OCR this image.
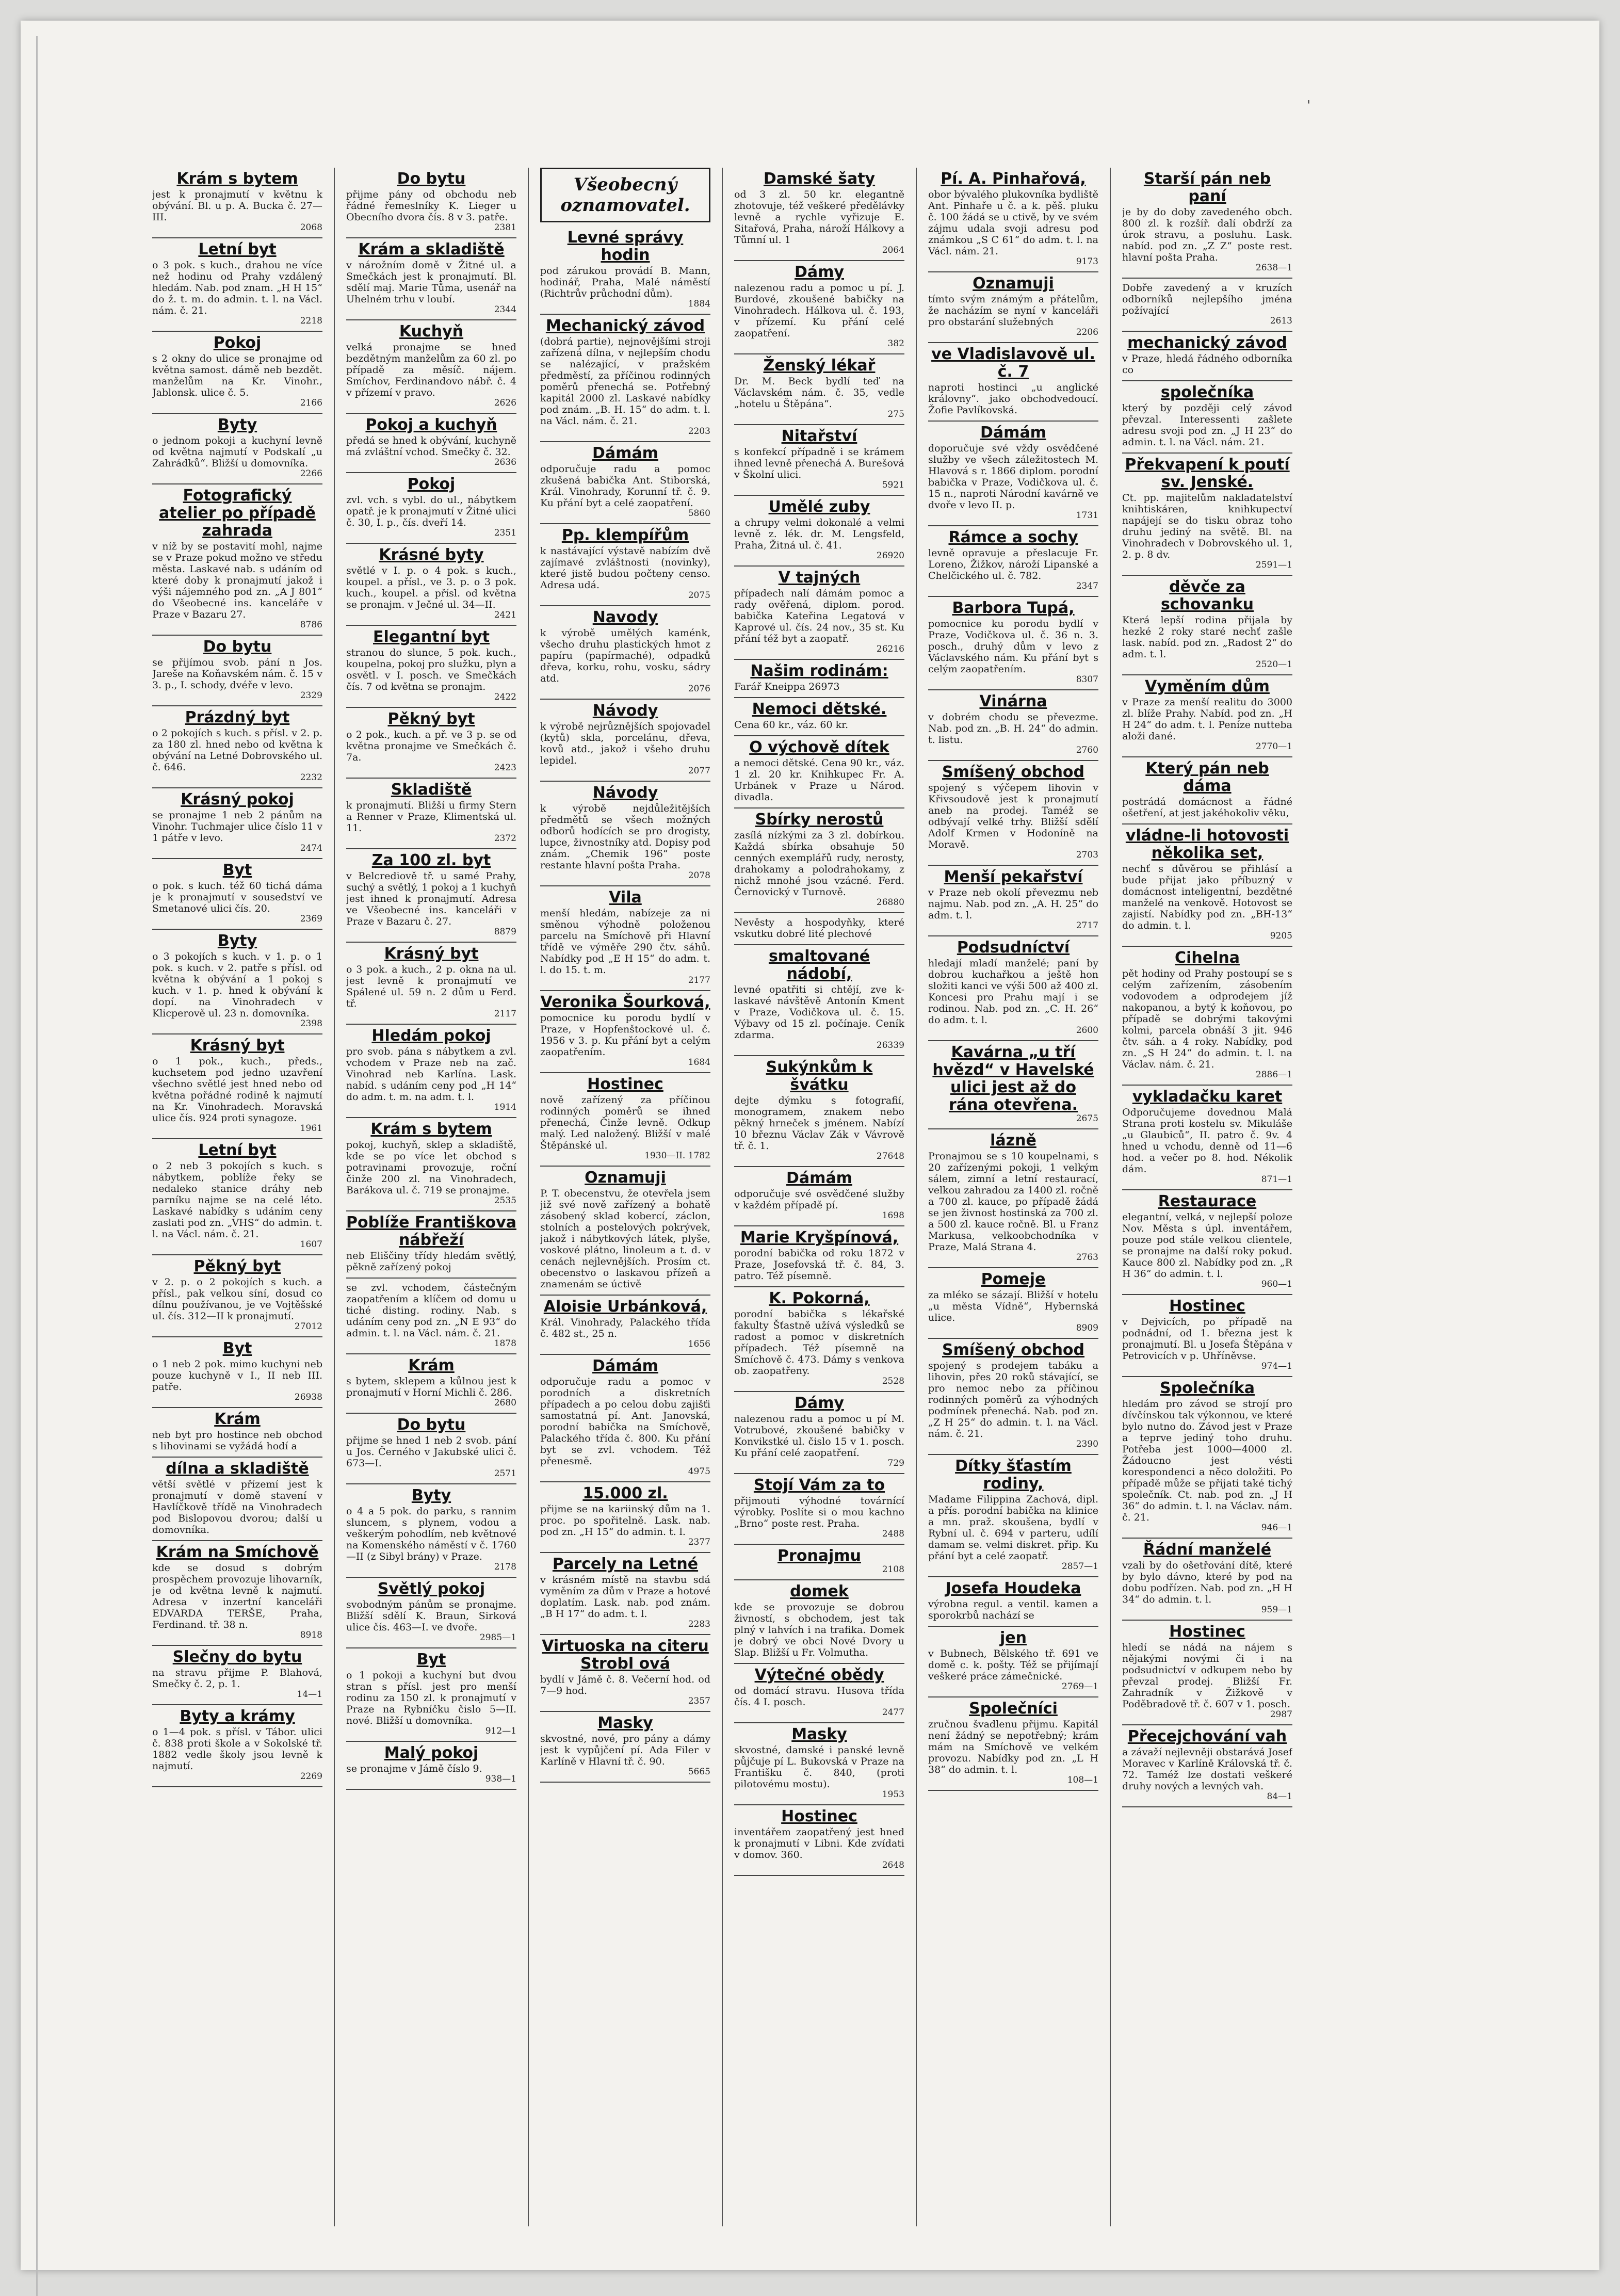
'
Krám s bytem

jest k pronajmutí v květnu k obývání. Bl. u p. A. Bucka č. 27—III.

2068
Letní byt

o 3 pok. s kuch., drahou ne více než hodinu od Prahy vzdálený hledám. Nab. pod znam. „H H 15“ do ž. t. m. do admin. t. l. na Václ. nám. č. 21.

2218
Pokoj

s 2 okny do ulice se pronajme od května samost. dámě neb bezdět. manželům na Kr. Vinohr., Jablonsk. ulice č. 5.

2166
Byty

o jednom pokoji a kuchyní levně od května najmutí v Podskalí „u Zahrádků“. Bližší u domovníka.

2266
Fotografický atelier po případě zahrada

v níž by se postavití mohl, najme se v Praze pokud možno ve středu města. Laskavé nab. s udáním od které doby k pronajmutí jakož i výši nájemného pod zn. „A J 801“ do Všeobecné ins. kanceláře v Praze v Bazaru 27.

8786
Do bytu

se přijímou svob. pání n Jos. Jareše na Koňavském nám. č. 15 v 3. p., I. schody, dvéře v levo.

2329
Prázdný byt

o 2 pokojích s kuch. s přísl. v 2. p. za 180 zl. hned nebo od května k obývání na Letné Dobrovského ul. č. 646.

2232
Krásný pokoj

se pronajme 1 neb 2 pánům na Vinohr. Tuchmajer ulice číslo 11 v 1 pátře v levo.

2474
Byt

o pok. s kuch. též 60 tichá dáma je k pronajmutí v sousedství ve Smetanové ulici čís. 20.

2369
Byty

o 3 pokojích s kuch. v 1. p. o 1 pok. s kuch. v 2. patře s přísl. od května k obývání a 1 pokoj s kuch. v 1. p. hned k obývání k dopí. na Vinohradech v Klicperově ul. 23 n. domovníka.

2398
Krásný byt

o 1 pok., kuch., předs., kuchsetem pod jedno uzavření všechno světlé jest hned nebo od května pořádné rodině k najmutí na Kr. Vinohradech. Moravská ulice čís. 924 proti synagoze.

1961
Letní byt

o 2 neb 3 pokojích s kuch. s nábytkem, poblíže řeky se nedaleko stanice dráhy neb parníku najme se na celé léto. Laskavé nabídky s udáním ceny zaslati pod zn. „VHS“ do admin. t. l. na Václ. nám. č. 21.

1607
Pěkný byt

v 2. p. o 2 pokojích s kuch. a přísl., pak velkou síní, dosud co dílnu používanou, je ve Vojtěšské ul. čís. 312—II k pronajmutí.

27012
Byt

o 1 neb 2 pok. mimo kuchyni neb pouze kuchyně v I., II neb III. patře.

26938
Krám

neb byt pro hostince neb obchod s lihovinami se vyžádá hodí a

dílna a skladiště

větší světlé v přízemí jest k pronajmutí v domě stavení v Havlíčkově třídě na Vinohradech pod Bislopovou dvorou; další u domovníka.

Krám na Smíchově

kde se dosud s dobrým prospěchem provozuje lihovarník, je od května levně k najmutí. Adresa v inzertní kanceláři EDVARDA TERŠE, Praha, Ferdinand. tř. 38 n.

8918
Slečny do bytu

na stravu přijme P. Blahová, Smečky č. 2, p. 1.

14—1
Byty a krámy

o 1—4 pok. s přísl. v Tábor. ulici č. 838 proti škole a v Sokolské tř. 1882 vedle školy jsou levně k najmutí.

2269
Do bytu

přijme pány od obchodu neb řádné řemeslníky K. Lieger u Obecního dvora čís. 8 v 3. patře.

2381
Krám a skladiště

v nárožním domě v Žitné ul. a Smečkách jest k pronajmutí. Bl. sdělí maj. Marie Tůma, usenář na Uhelném trhu v loubí.

2344
Kuchyň

velká pronajme se hned bezdětným manželům za 60 zl. po případě za měsíč. nájem. Smíchov, Ferdinandovo nábř. č. 4 v přízemí v pravo.

2626
Pokoj a kuchyň

předá se hned k obývání, kuchyně má zvláštní vchod. Smečky č. 32.

2636
Pokoj

zvl. vch. s vybl. do ul., nábytkem opatř. je k pronajmutí v Žitné ulici č. 30, I. p., čís. dveří 14.

2351
Krásné byty

světlé v I. p. o 4 pok. s kuch., koupel. a přísl., ve 3. p. o 3 pok. kuch., koupel. a přísl. od května se pronajm. v Ječné ul. 34—II.

2421
Elegantní byt

stranou do slunce, 5 pok. kuch., koupelna, pokoj pro služku, plyn a osvětl. v I. posch. ve Smečkách čís. 7 od května se pronajm.

2422
Pěkný byt

o 2 pok., kuch. a př. ve 3 p. se od května pronajme ve Smečkách č. 7a.

2423
Skladiště

k pronajmutí. Bližší u firmy Stern a Renner v Praze, Klimentská ul. 11.

2372
Za 100 zl. byt

v Belcrediově tř. u samé Prahy, suchý a světlý, 1 pokoj a 1 kuchyň jest ihned k pronajmutí. Adresa ve Všeobecné ins. kanceláři v Praze v Bazaru č. 27.

8879
Krásný byt

o 3 pok. a kuch., 2 p. okna na ul. jest levně k pronajmutí ve Spálené ul. 59 n. 2 dům u Ferd. tř.

2117
Hledám pokoj

pro svob. pána s nábytkem a zvl. vchodem v Praze neb na zač. Vinohrad neb Karlína. Lask. nabíd. s udáním ceny pod „H 14“ do adm. t. m. na adm. t. l.

1914
Krám s bytem

pokoj, kuchyň, sklep a skladiště, kde se po více let obchod s potravinami provozuje, roční činže 200 zl. na Vinohradech, Barákova ul. č. 719 se pronajme.

2535
Poblíže Františkova nábřeží

neb Eliščiny třídy hledám světlý, pěkně zařízený pokoj

se zvl. vchodem, částečným zaopatřením a klíčem od domu u tiché disting. rodiny. Nab. s udáním ceny pod zn. „N E 93“ do admin. t. l. na Václ. nám. č. 21.

1878
Krám

s bytem, sklepem a kůlnou jest k pronajmutí v Horní Michli č. 286.

2680
Do bytu

přijme se hned 1 neb 2 svob. pání u Jos. Černého v Jakubské ulici č. 673—I.

2571
Byty

o 4 a 5 pok. do parku, s rannim sluncem, s plynem, vodou a veškerým pohodlím, neb květnové na Komenského náměstí v č. 1760—II (z Sibyl brány) v Praze.

2178
Světlý pokoj

svobodným pánům se pronajme. Bližší sdělí K. Braun, Sirková ulice čís. 463—I. ve dvoře.

2985—1
Byt

o 1 pokoji a kuchyní but dvou stran s přísl. jest pro menší rodinu za 150 zl. k pronajmutí v Praze na Rybníčku čislo 5—II. nové. Bližší u domovníka.

912—1
Malý pokoj

se pronajme v Jámě číslo 9.

938—1
Všeobecný oznamovatel.
Levné správy hodin

pod zárukou provádí B. Mann, hodinář, Praha, Malé náměstí (Richtrův průchodní dům).

1884
Mechanický závod

(dobrá partie), nejnovějšími stroji zařízená dílna, v nejlepším chodu se nalézající, v pražském předměstí, za příčinou rodinných poměrů přenechá se. Potřebný kapitál 2000 zl. Laskavé nabídky pod znám. „B. H. 15“ do adm. t. l. na Václ. nám. č. 21.

2203
Dámám

odporučuje radu a pomoc zkušená babička Ant. Stiborská, Král. Vinohrady, Korunní tř. č. 9. Ku přání byt a celé zaopatření.

5860
Pp. klempířům

k nastávající výstavě nabízím dvě zajímavé zvláštnosti (novinky), které jistě budou počteny censo. Adresa udá.

2075
Navody

k výrobě umělých kaménk, všecho druhu plastických hmot z papíru (papírmaché), odpadků dřeva, korku, rohu, vosku, sádry atd.

2076
Návody

k výrobě nejrůznějších spojovadel (kytů) skla, porcelánu, dřeva, kovů atd., jakož i všeho druhu lepidel.

2077
Návody

k výrobě nejdůležitějších předmětů se všech možných odborů hodících se pro drogisty, lupce, živnostníky atd. Dopisy pod znám. „Chemik 196“ poste restante hlavní pošta Praha.

2078
Vila

menší hledám, nabízeje za ni směnou výhodně položenou parcelu na Smíchově při Hlavní třídě ve výměře 290 čtv. sáhů. Nabídky pod „E H 15“ do adm. t. l. do 15. t. m.

2177
Veronika Šourková,

pomocnice ku porodu bydlí v Praze, v Hopfenštockové ul. č. 1956 v 3. p. Ku přání byt a celým zaopatřením.

1684
Hostinec

nově zařízený za příčinou rodinných poměrů se ihned přenechá, Činže levně. Odkup malý. Led naložený. Bližší v malé Štěpánské ul.

1930—II. 1782
Oznamuji

P. T. obecenstvu, že otevřela jsem již své nově zařízený a bohatě zásobený sklad kobercí, záclon, stolních a postelových pokrývek, jakož i nábytkových látek, plyše, voskové plátno, linoleum a t. d. v cenách nejlevnějších. Prosím ct. obecenstvo o laskavou přízeň a znamenám se úctivě

Aloisie Urbánková,

Král. Vinohrady, Palackého třída č. 482 st., 25 n.

1656
Dámám

odporučuje radu a pomoc v porodních a diskretních případech a po celou dobu zajišťi samostatná pí. Ant. Janovská, porodní babička na Smíchově, Palackého třída č. 800. Ku přání byt se zvl. vchodem. Též přenesmě.

4975
15.000 zl.

přijme se na kariinský dům na 1. proc. po spořitelně. Lask. nab. pod zn. „H 15“ do admin. t. l.

2377
Parcely na Letné

v krásném místě na stavbu sdá vyměním za dům v Praze a hotové doplatím. Lask. nab. pod znám. „B H 17“ do adm. t. l.

2283
Virtuoska na citeru Strobl ová

bydlí v Jámě č. 8. Večerní hod. od 7—9 hod.

2357
Masky

skvostné, nové, pro pány a dámy jest k vypůjčení pí. Ada Filer v Karlíně v Hlavní tř. č. 90.

5665
Damské šaty

od 3 zl. 50 kr. elegantně zhotovuje, též veškeré předělávky levně a rychle vyřizuje E. Sitařová, Praha, nároží Hálkovy a Tůmní ul. 1

2064
Dámy

nalezenou radu a pomoc u pí. J. Burdové, zkoušené babičky na Vinohradech. Hálkova ul. č. 193, v přízemí. Ku přání celé zaopatření.

382
Ženský lékař

Dr. M. Beck bydlí teď na Václavském nám. č. 35, vedle „hotelu u Štěpána“.

275
Nitařství

s konfekcí případně i se krámem ihned levně přenechá A. Burešová v Školní ulici.

5921
Umělé zuby

a chrupy velmi dokonalé a velmi levně z. lék. dr. M. Lengsfeld, Praha, Žitná ul. č. 41.

26920
V tajných

případech nalí dámám pomoc a rady ověřená, diplom. porod. babička Kateřina Legatová v Kaprové ul. čís. 24 nov., 35 st. Ku přání též byt a zaopatř.

26216
Našim rodinám:

Farář Kneippa 26973

Nemoci dětské.

Cena 60 kr., váz. 60 kr.

O výchově dítek

a nemoci dětské. Cena 90 kr., váz. 1 zl. 20 kr. Knihkupec Fr. A. Urbánek v Praze u Národ. divadla.

Sbírky nerostů

zasílá nízkými za 3 zl. dobírkou. Každá sbírka obsahuje 50 cenných exemplářů rudy, nerosty, drahokamy a polodrahokamy, z nichž mnohé jsou vzácné. Ferd. Černovický v Turnově.

26880

Nevěsty a hospodyňky, které vskutku dobré lité plechové

smaltované nádobí,

levné opatřiti si chtějí, zve k-laskavé návštěvě Antonín Kment v Praze, Vodičkova ul. č. 15. Výbavy od 15 zl. počínaje. Ceník zdarma.

26339
Sukýnkům k švátku

dejte dýmku s fotografií, monogramem, znakem nebo pěkný hrneček s jménem. Nabízí 10 březnu Václav Zák v Vávrově tř. č. 1.

27648
Dámám

odporučuje své osvědčené služby v každém případě pí.

1698
Marie Kryšpínová,

porodní babička od roku 1872 v Praze, Josefovská tř. č. 84, 3. patro. Též písemně.

K. Pokorná,

porodní babička s lékařské fakulty Šťastně užívá výsledků se radost a pomoc v diskretních případech. Též písemně na Smíchově č. 473. Dámy s venkova ob. zaopatřeny.

2528
Dámy

nalezenou radu a pomoc u pí M. Votrubové, zkoušené babičky v Konvikstké ul. čislo 15 v 1. posch. Ku přání celé zaopatření.

729
Stojí Vám za to

přijmouti výhodné továrnící výrobky. Poslíte si o mou kachno „Brno“ poste rest. Praha.

2488
Pronajmu
2108
domek

kde se provozuje se dobrou živností, s obchodem, jest tak plný v lahvích i na trafika. Domek je dobrý ve obci Nové Dvory u Slap. Bližší u Fr. Volmutha.

Výtečné obědy

od domácí stravu. Husova třída čís. 4 I. posch.

2477
Masky

skvostné, damské i panské levně půjčuje pí L. Bukovská v Praze na Františku č. 840, (proti pilotovému mostu).

1953
Hostinec

inventářem zaopatřený jest hned k pronajmutí v Libni. Kde zvídati v domov. 360.

2648
Pí. A. Pinhařová,

obor bývalého plukovníka bydliště Ant. Pinhaře u č. a k. pěš. pluku č. 100 žádá se u ctivě, by ve svém zájmu udala svoji adresu pod známkou „S C 61“ do adm. t. l. na Václ. nám. 21.

9173
Oznamuji

tímto svým známým a přátelům, že nacházím se nyní v kanceláři pro obstarání služebných

2206
ve Vladislavově ul. č. 7

naproti hostinci „u anglické královny“. jako obchodvedoucí. Žofie Pavlíkovská.

Dámám

doporučuje své vždy osvědčené služby ve všech záležitostech M. Hlavová s r. 1866 diplom. porodní babička v Praze, Vodičkova ul. č. 15 n., naproti Národní kavárně ve dvoře v levo II. p.

1731
Rámce a sochy

levně opravuje a přeslacuje Fr. Loreno, Žižkov, nároží Lipanské a Chelčického ul. č. 782.

2347
Barbora Tupá,

pomocnice ku porodu bydlí v Praze, Vodičkova ul. č. 36 n. 3. posch., druhý dům v levo z Václavského nám. Ku přání byt s celým zaopatřením.

8307
Vinárna

v dobrém chodu se převezme. Nab. pod zn. „B. H. 24“ do admin. t. listu.

2760
Smíšený obchod

spojený s výčepem lihovin v Křivsoudově jest k pronajmutí aneb na prodej. Taméž se odbývají velké trhy. Bližší sdělí Adolf Krmen v Hodoníně na Moravě.

2703
Menší pekařství

v Praze neb okolí převezmu neb najmu. Nab. pod zn. „A. H. 25“ do adm. t. l.

2717
Podsudníctví

hledají mladí manželé; paní by dobrou kuchařkou a ještě hon složiti kanci ve výši 500 až 400 zl. Koncesi pro Prahu mají i se rodinou. Nab. pod zn. „C. H. 26“ do adm. t. l.

2600
Kavárna „u tří hvězd“ v Havelské ulici jest až do rána otevřena.
2675
lázně

Pronajmou se s 10 koupelnami, s 20 zařízenými pokoji, 1 velkým sálem, zimní a letní restaurací, velkou zahradou za 1400 zl. ročně a 700 zl. kauce, po případě žádá se jen živnost hostinská za 700 zl. a 500 zl. kauce ročně. Bl. u Franz Markusa, velkoobchodníka v Praze, Malá Strana 4.

2763
Pomeje

za mléko se sázají. Bližší v hotelu „u města Vídně“, Hybernská ulice.

8909
Smíšený obchod

spojený s prodejem tabáku a lihovin, přes 20 roků stávající, se pro nemoc nebo za příčinou rodinných poměrů za výhodných podmínek přenechá. Nab. pod zn. „Z H 25“ do admin. t. l. na Václ. nám. č. 21.

2390
Dítky šťastím rodiny,

Madame Filippina Zachová, dipl. a přís. porodní babička na klinice a mn. praž. skoušena, bydlí v Rybní ul. č. 694 v parteru, udílí damam se. velmi diskret. přip. Ku přání byt a celé zaopatř.

2857—1
Josefa Houdeka

výrobna regul. a ventil. kamen a sporokrbů nachází se

jen

v Bubnech, Bělského tř. 691 ve domě c. k. pošty. Též se přijímají veškeré práce zámečnické.

2769—1
Společníci

zručnou švadlenu přijmu. Kapitál není žádný se nepotřebný; krám mám na Smíchově ve velkém provozu. Nabídky pod zn. „L H 38“ do admin. t. l.

108—1
Starší pán neb paní

je by do doby zavedeného obch. 800 zl. k rozšíř. dalí obdrží za úrok stravu, a posluhu. Lask. nabíd. pod zn. „Z Z“ poste rest. hlavní pošta Praha.

2638—1

Dobře zavedený a v kruzích odborníků nejlepšího jména požívající

2613
mechanický závod

v Praze, hledá řádného odborníka co

společníka

který by později celý závod převzal. Interessenti zašlete adresu svoji pod zn. „J H 23“ do admin. t. l. na Václ. nám. 21.

Překvapení k poutí sv. Jenské.

Ct. pp. majitelům nakladatelství knihtiskáren, knihkupectví napájejí se do tisku obraz toho druhu jediný na světě. Bl. na Vinohradech v Dobrovského ul. 1, 2. p. 8 dv.

2591—1
děvče za schovanku

Která lepší rodina přijala by hezké 2 roky staré nechť zašle lask. nabíd. pod zn. „Radost 2“ do adm. t. l.

2520—1
Vyměním dům

v Praze za menší realitu do 3000 zl. blíže Prahy. Nabíd. pod zn. „H H 24“ do adm. t. l. Peníze nutteba aloži dané.

2770—1
Který pán neb dáma

postrádá domácnost a řádné ošetření, at jest jakéhokoliv věku,

vládne-li hotovosti několika set,

nechť s důvěrou se přihlásí a bude přijat jako příbuzný v domácnost inteligentní, bezdětné manželé na venkově. Hotovost se zajistí. Nabídky pod zn. „BH-13“ do admin. t. l.

9205
Cihelna

pět hodiny od Prahy postoupí se s celým zařízením, zásobením vodovodem a odprodejem jíž nakopanou, a bytý k koňovou, po případě se dobrými takovými kolmi, parcela obnáší 3 jit. 946 čtv. sáh. a 4 roky. Nabídky, pod zn. „S H 24“ do admin. t. l. na Václav. nám. č. 21.

2886—1
vykladačku karet

Odporučujeme dovednou Malá Strana proti kostelu sv. Mikuláše „u Glaubiců“, II. patro č. 9v. 4 hned u vchodu, denně od 11—6 hod. a večer po 8. hod. Nékolik dám.

871—1
Restaurace

elegantní, velká, v nejlepší poloze Nov. Města s úpl. inventářem, pouze pod stále velkou clientele, se pronajme na další roky pokud. Kauce 800 zl. Nabídky pod zn. „R H 36“ do admin. t. l.

960—1
Hostinec

v Dejvicích, po případě na podnádní, od 1. března jest k pronajmutí. Bl. u Josefa Štěpána v Petrovicích v p. Uhříněvse.

974—1
Společníka

hledám pro závod se strojí pro dívčínskou tak výkonnou, ve které bylo nutno do. Závod jest v Praze a teprve jediný toho druhu. Potřeba jest 1000—4000 zl. Žádoucno jest vésti korespondenci a něco doložiti. Po případě může se přijati také tichý společník. Ct. nab. pod zn. „J H 36“ do admin. t. l. na Václav. nám. č. 21.

946—1
Řádní manželé

vzali by do ošetřování dítě, které by bylo dávno, které by pod na dobu podřízen. Nab. pod zn. „H H 34“ do admin. t. l.

959—1
Hostinec

hledí se nádá na nájem s nějakými novými či i na podsudnictví v odkupem nebo by převzal prodej. Bližší Fr. Zahradník v Žižkově v Poděbradově tř. č. 607 v 1. posch.

2987
Přecejchování vah

a závaží nejlevněji obstarává Josef Moravec v Karlíně Královská tř. č. 72. Taméž lze dostati veškeré druhy nových a levných vah.

84—1
